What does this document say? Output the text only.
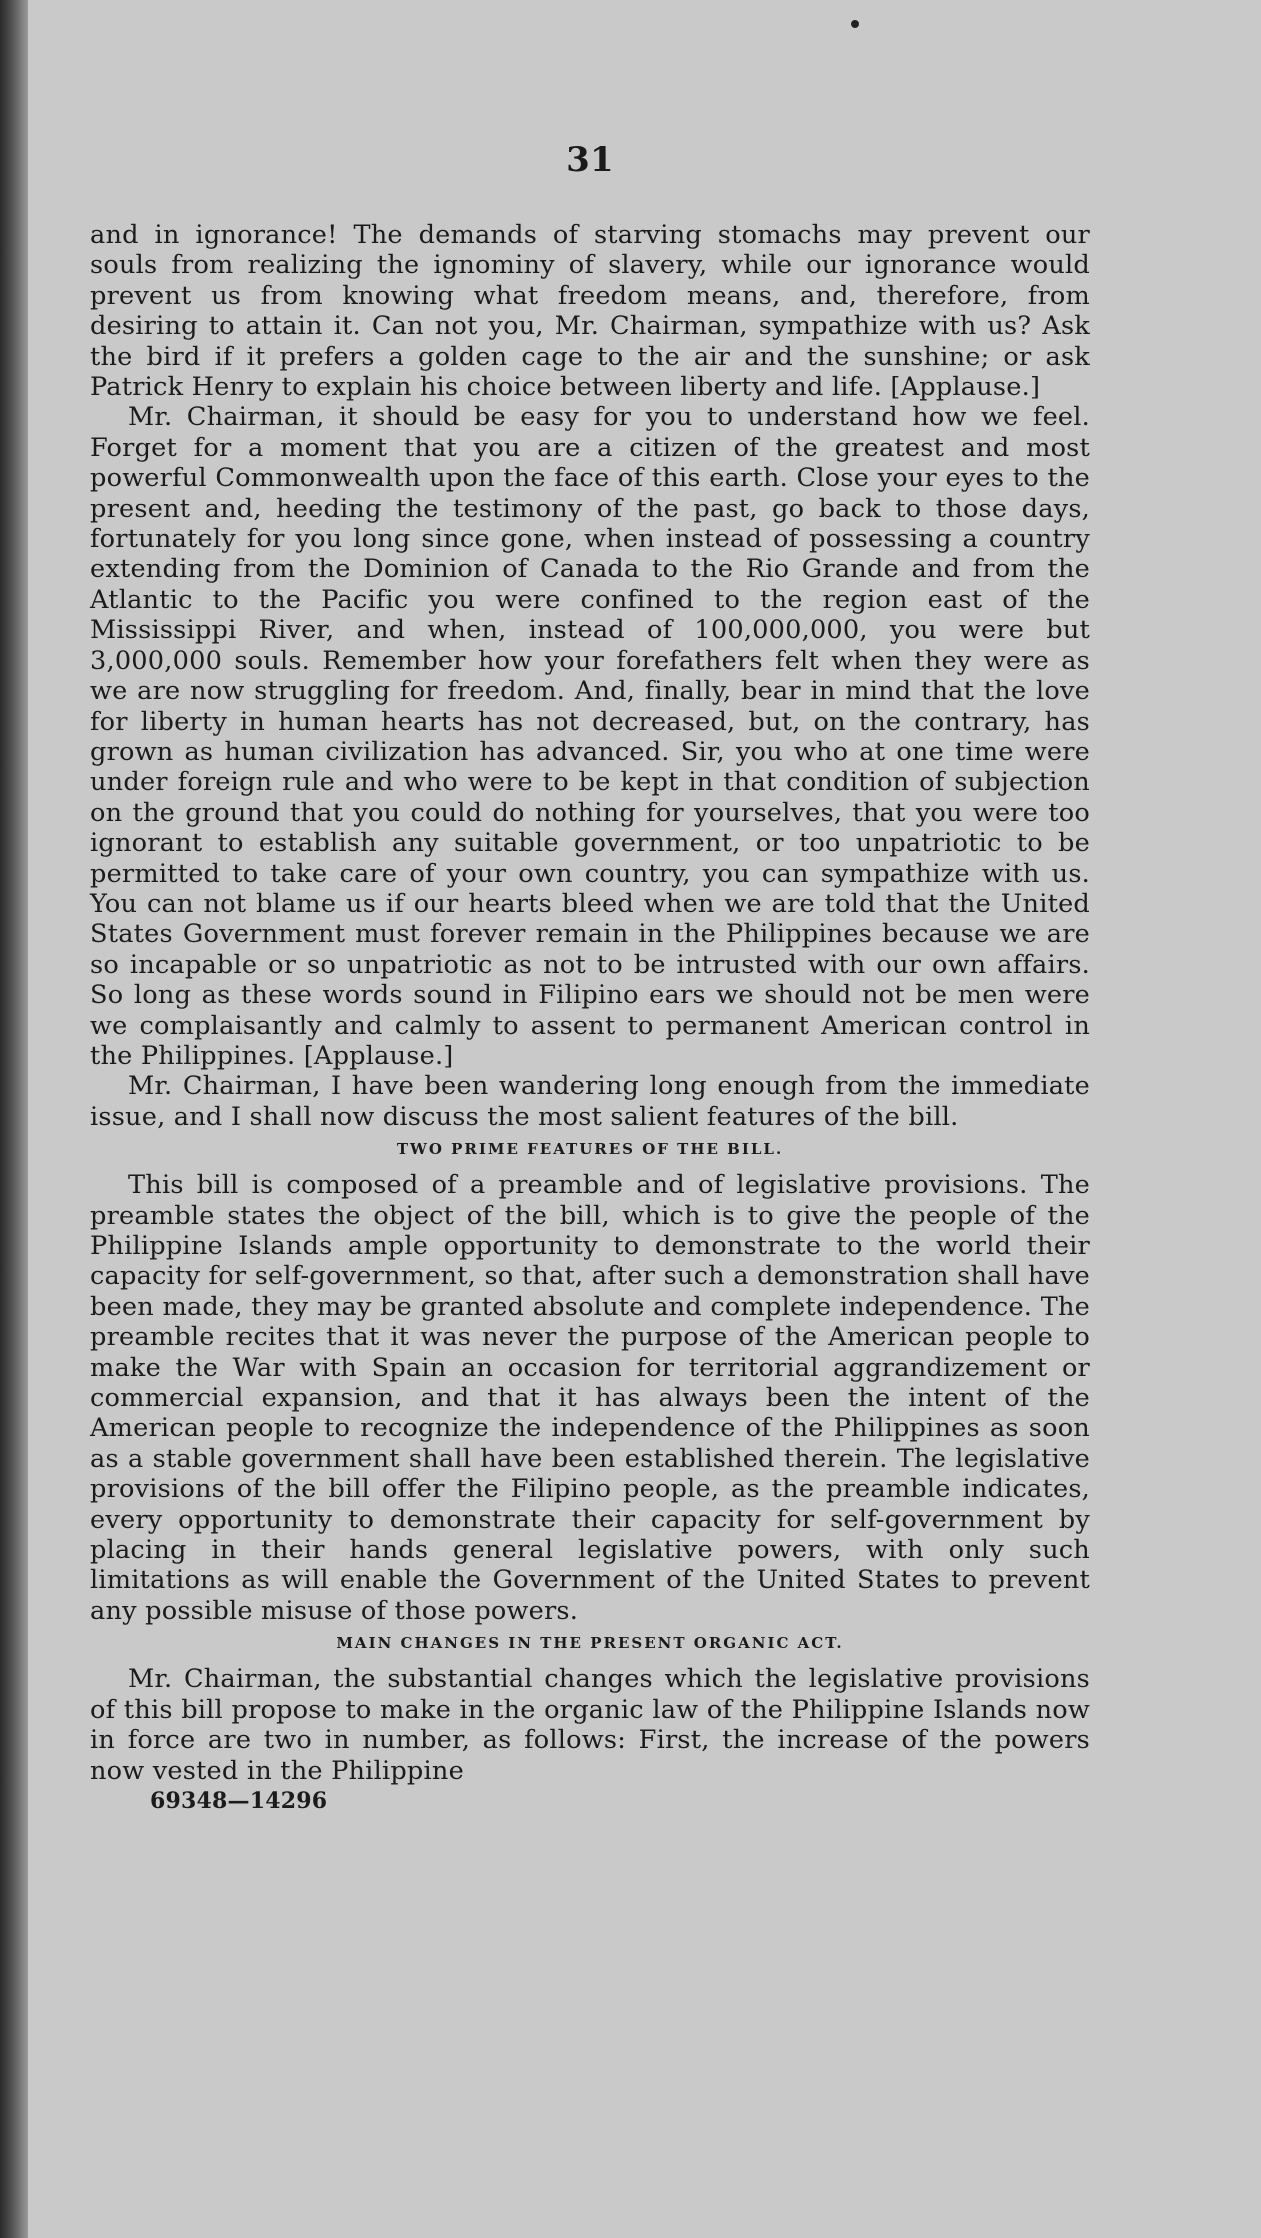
31

and in ignorance! The demands of starving stomachs may prevent our souls from realizing the ignominy of slavery, while our ignorance would prevent us from knowing what freedom means, and, therefore, from desiring to attain it. Can not you, Mr. Chairman, sympathize with us? Ask the bird if it prefers a golden cage to the air and the sunshine; or ask Patrick Henry to explain his choice between liberty and life. [Applause.]

Mr. Chairman, it should be easy for you to understand how we feel. Forget for a moment that you are a citizen of the greatest and most powerful Commonwealth upon the face of this earth. Close your eyes to the present and, heeding the testimony of the past, go back to those days, fortunately for you long since gone, when instead of possessing a country extending from the Dominion of Canada to the Rio Grande and from the Atlantic to the Pacific you were confined to the region east of the Mississippi River, and when, instead of 100,000,000, you were but 3,000,000 souls. Remember how your forefathers felt when they were as we are now struggling for freedom. And, finally, bear in mind that the love for liberty in human hearts has not decreased, but, on the contrary, has grown as human civilization has advanced. Sir, you who at one time were under foreign rule and who were to be kept in that condition of subjection on the ground that you could do nothing for yourselves, that you were too ignorant to establish any suitable government, or too unpatriotic to be permitted to take care of your own country, you can sympathize with us. You can not blame us if our hearts bleed when we are told that the United States Government must forever remain in the Philippines because we are so incapable or so unpatriotic as not to be intrusted with our own affairs. So long as these words sound in Filipino ears we should not be men were we complaisantly and calmly to assent to permanent American control in the Philippines. [Applause.]

Mr. Chairman, I have been wandering long enough from the immediate issue, and I shall now discuss the most salient features of the bill.

TWO PRIME FEATURES OF THE BILL.

This bill is composed of a preamble and of legislative provisions. The preamble states the object of the bill, which is to give the people of the Philippine Islands ample opportunity to demonstrate to the world their capacity for self-government, so that, after such a demonstration shall have been made, they may be granted absolute and complete independence. The preamble recites that it was never the purpose of the American people to make the War with Spain an occasion for territorial aggrandizement or commercial expansion, and that it has always been the intent of the American people to recognize the independence of the Philippines as soon as a stable government shall have been established therein. The legislative provisions of the bill offer the Filipino people, as the preamble indicates, every opportunity to demonstrate their capacity for self-government by placing in their hands general legislative powers, with only such limitations as will enable the Government of the United States to prevent any possible misuse of those powers.

MAIN CHANGES IN THE PRESENT ORGANIC ACT.

Mr. Chairman, the substantial changes which the legislative provisions of this bill propose to make in the organic law of the Philippine Islands now in force are two in number, as follows: First, the increase of the powers now vested in the Philippine

69348—14296
